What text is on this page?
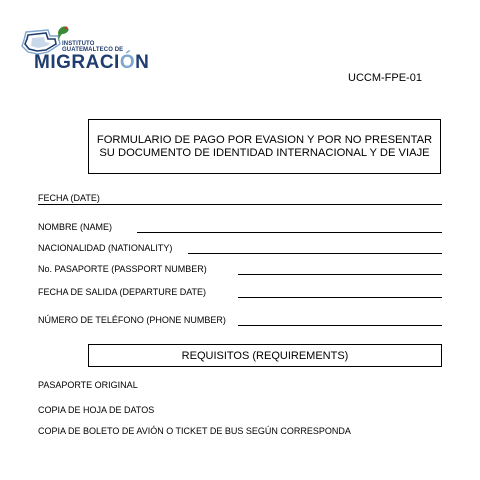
INSTITUTO
GUATEMALTECO DE
MIGRACIÓN
UCCM-FPE-01
FORMULARIO DE PAGO POR EVASION Y POR NO PRESENTAR
SU DOCUMENTO DE IDENTIDAD INTERNACIONAL Y DE VIAJE
FECHA (DATE)
NOMBRE (NAME)
NACIONALIDAD (NATIONALITY)
No. PASAPORTE (PASSPORT NUMBER)
FECHA DE SALIDA (DEPARTURE DATE)
NÚMERO DE TELÉFONO (PHONE NUMBER)
REQUISITOS (REQUIREMENTS)
PASAPORTE ORIGINAL
COPIA DE HOJA DE DATOS
COPIA DE BOLETO DE AVIÓN O TICKET DE BUS SEGÚN CORRESPONDA
